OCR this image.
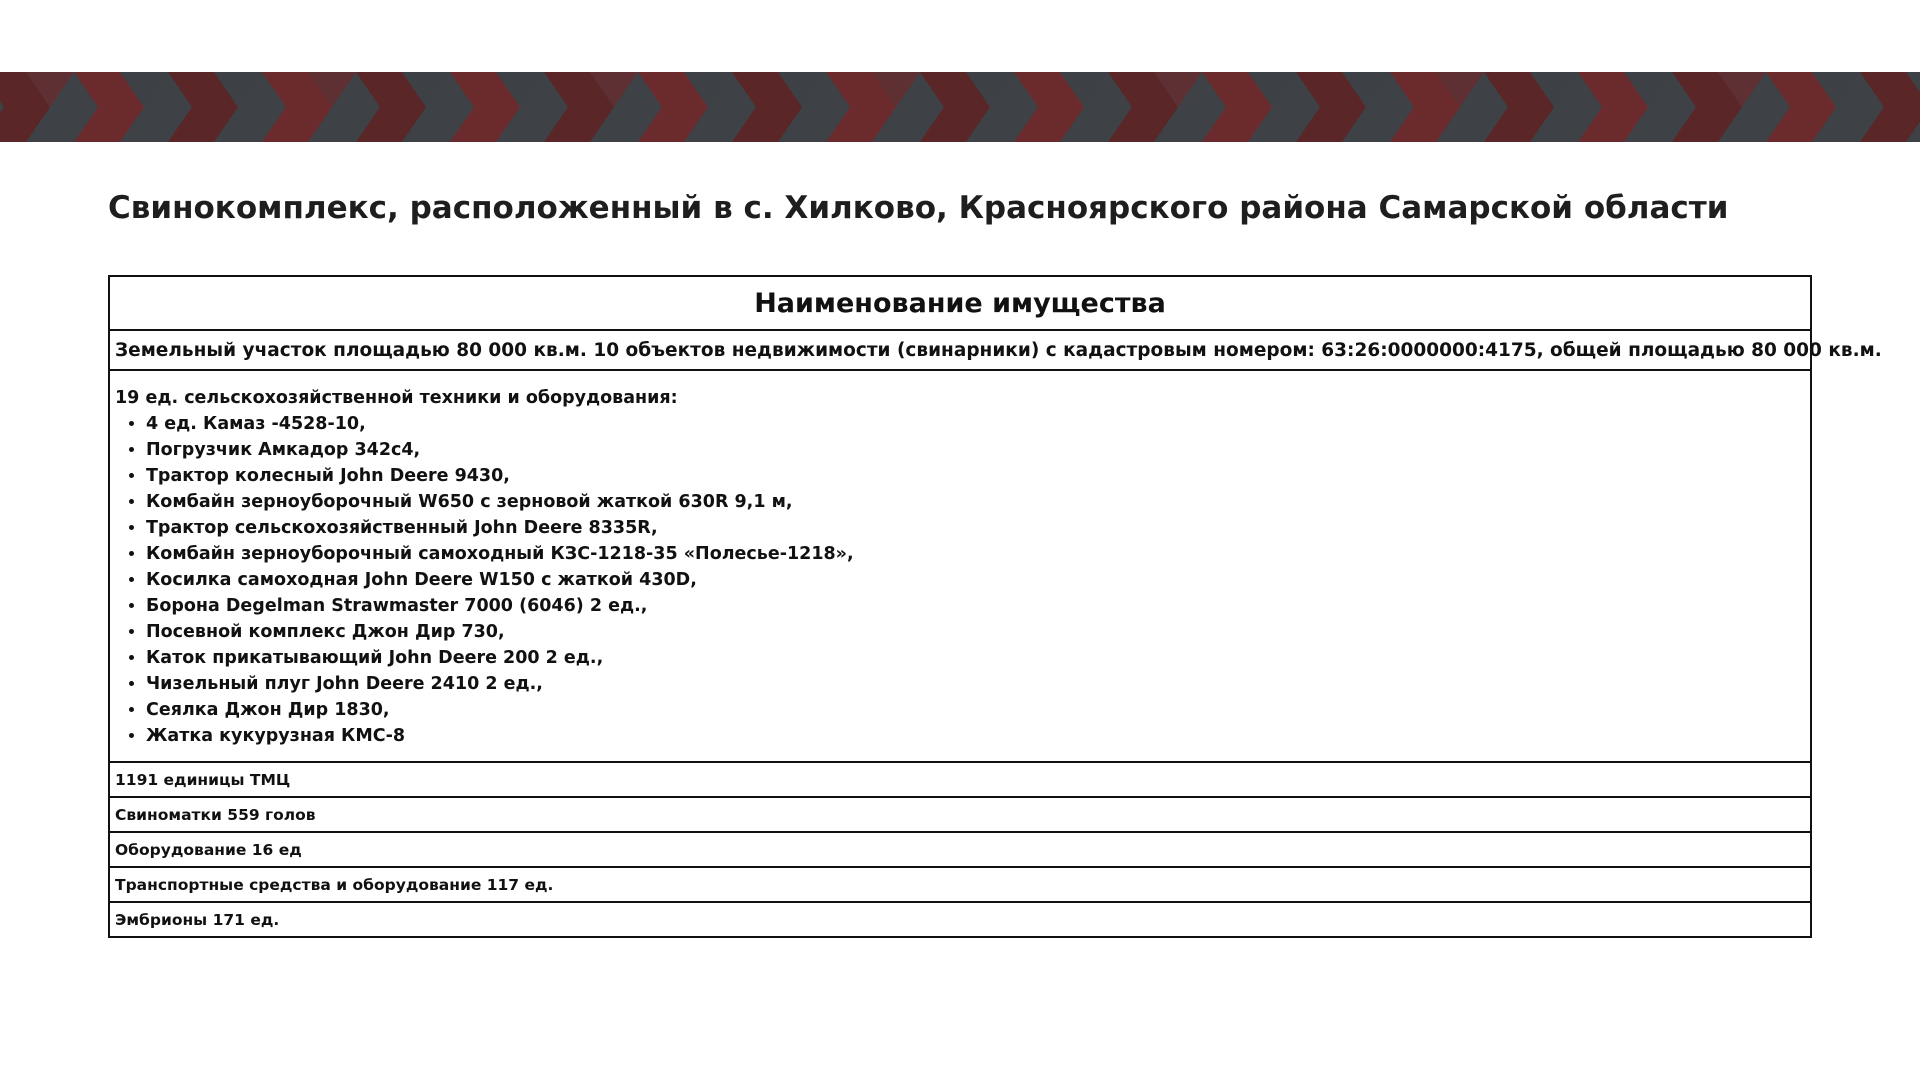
Свинокомплекс, расположенный в с. Хилково, Красноярского района Самарской области
Наименование имущества
Земельный участок площадью 80 000 кв.м. 10 объектов недвижимости (свинарники) с кадастровым номером: 63:26:0000000:4175, общей площадью 80 000 кв.м.

19 ед. сельскохозяйственной техники и оборудования:
• 4 ед. Камаз -4528-10,
• Погрузчик Амкадор 342с4,
• Трактор колесный John Deere 9430,
• Комбайн зерноуборочный W650 с зерновой жаткой 630R 9,1 м,
• Трактор сельскохозяйственный John Deere 8335R,
• Комбайн зерноуборочный самоходный КЗС-1218-35 «Полесье-1218»,
• Косилка самоходная John Deere W150 с жаткой 430D,
• Борона Degelman Strawmaster 7000 (6046) 2 ед.,
• Посевной комплекс Джон Дир 730,
• Каток прикатывающий John Deere 200 2 ед.,
• Чизельный плуг John Deere 2410 2 ед.,
• Сеялка Джон Дир 1830,
• Жатка кукурузная КМС-8

1191 единицы ТМЦ
Свиноматки 559 голов
Оборудование 16 ед
Транспортные средства и оборудование 117 ед.
Эмбрионы 171 ед.
